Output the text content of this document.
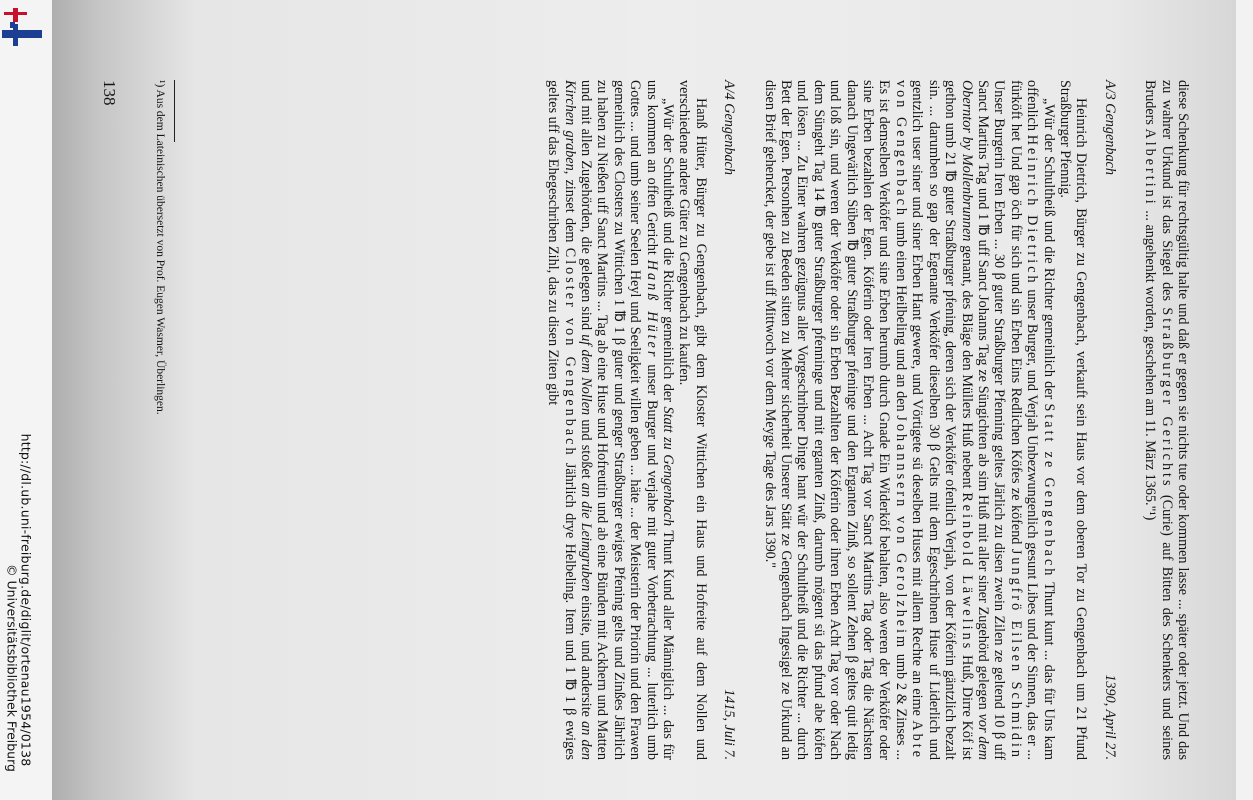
http://dl.ub.uni-freiburg.de/diglit/ortenau1954/0138
© Universitätsbibliothek Freiburg	diese Schenkung für rechtsgültig halte und daß er gegen sie nichts tue oder kommen lasse ... später oder jetzt. Und das zu wahrer Urkund ist das Siegel des Straßburger Gerichts (Curie) auf Bitten des Schenkers und seines Bruders Albertini ... angehenkt worden, geschehen am 11. März 1365."¹)

A/3 Gengenbach
1390, April 27.

Heinrich Dietrich, Bürger zu Gengenbach, verkauft sein Haus vor dem oberen Tor zu Gengenbach um 21 Pfund Straßburger Pfennig.

„Wür der Schultheiß und die Richter gemeinlich der Statt ze Gengenbach Thunt kunt ... das für Uns kam offenlich Heinrich Dietrich unser Burger, und Verjah Unbezwungenlich gesunt Libes und der Sinnen, das er ... fürköft het Und gap öch für sich und sin Erben Eins Redlichen Köfes ze köfend Jungfrö Eilsen Schmidin Unser Burgerin Iren Erben ... 30 β guter Straßburger Pfenning geltes Järlich zu disen zwein Zilen ze geltend 10 β uff Sanct Martins Tag und 1 ℔ uff Sanct Johanns Tag ze Süngichten ab sim Huß mit aller siner Zugehörd gelegen vor dem Oberntor by Mollenbrunnen genant, des Bläge den Müllers Huß nebent Reinbold Läwelins Huß, Dirre Köf ist gethon umb 21 ℔ guter Straßburger pfening, deren sich der Verköfer ofenlich Verjah, von der Köferin gäntzlich bezalt sin. ... darumben so gap der Egenante Verköfer dieselben 30 β Gelts mit dem Egeschribnen Huse uf Liderlich und gentzlich user siner und siner Erben Hant gewere, und Vörtigete sü deselben Huses mit allem Rechte an eime Abte von Gengenbach umb einen Heilbeling und an den Johannsern von Gerolzheim umb 2 & Zinses ... Es ist demselben Verköfer und sine Erben herumb durch Gnade Ein Widerköf behalten, also weren der Verköfer oder sine Erben bezahlen der Egen. Köferin oder Iren Erben ... Acht Tag vor Sanct Martins Tag oder Tag die Nächsten danach Ungevärlich Süben ℔ guter Straßburger pfeninge und den Erganten Zinß, so sollent Zehen β geltes quit ledig und loß sin, und weren der Verköfer oder sin Erben Bezahlten der Köferin oder ihren Erben Acht Tag vor oder Nach dem Süngeht Tag 14 ℔ guter Straßburger pfenninge und mit erganten Zinß, darumb mögent sü das pfund abe köfen und lösen ... Zu Einer wahren gezügnus aller Vorgeschribner Dinge hant wür der Schultheiß und die Richter ... durch Bett der Egen. Personhen zu Beeden sitten zu Mehrer sicherheit Unserer Stätt ze Gengenbach Ingesigel ze Urkund an disen Brief gehencket, der gebe ist uff Mittwoch vor dem Meyge Tage des Jars 1390."

A/4 Gengenbach
1415, Juli 7.

Hanß Hüter, Bürger zu Gengenbach, gibt dem Kloster Wittichen ein Haus und Hofreite auf dem Nollen und verschiedene andere Güter zu Gengenbach zu kaufen.

„Wür der Schultheiß und die Richter gemeinlich der Statt zu Gengenbach Thunt Kund aller Männiglich ... das für uns kommen an offen Gericht Hanß Hüter unser Burger und verjahe mit guter Vorbetrachtung ... luterlich umb Gottes ... und umb seiner Seelen Heyl und Seeligkeit willen geben ... häte ... der Meisterin der Priorin und den Frawen gemeinlich des Closters zu Wittichen 1 ℔ 1 β guter und genger Straßburger ewiges Pfening gelts und Zinßes Jährlich zu haben zu Nießen uff Sanct Martins ... Tag ab eine Huse und Hofreutin und ab eine Bünden mit Ackhern und Matten und mit allen Zugehörden, die gelegen sind uf dem Nollen und stoßet an die Leimgruben einsite, und andersite an den Kirchen graben, zinset dem Closter von Gengenbach Jährlich drye Helbeling. Item und 1 ℔ 1 β ewiges geltes uff das Ehegeschriben Zihl, das zu disen Ziten gibt

¹) Aus dem Lateinischen übersetzt von Prof. Eugen Wasmer, Überlingen.

138
